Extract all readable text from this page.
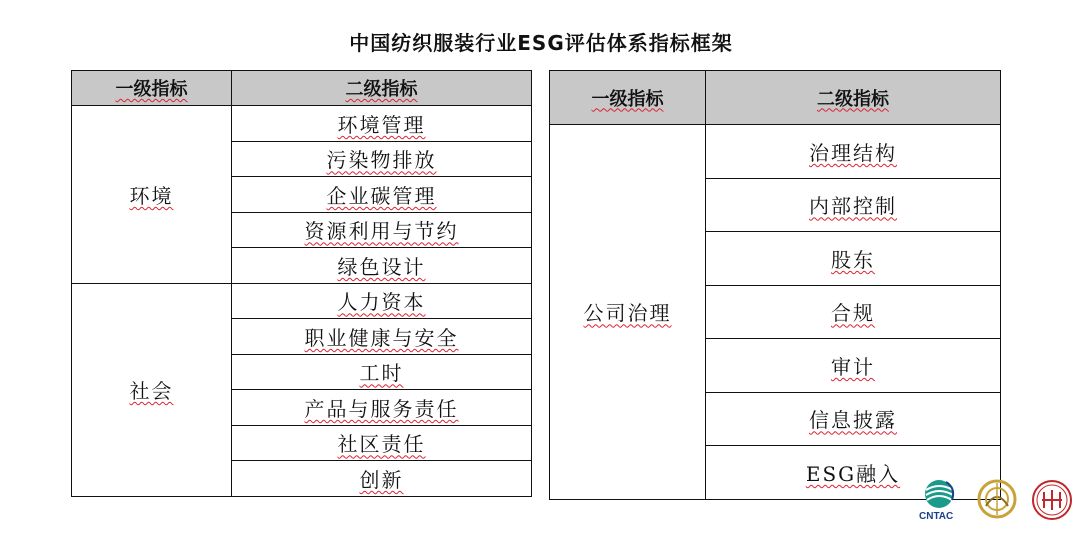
中国纺织服装行业ESG评估体系指标框架
一级指标	二级指标
环境	环境管理
	污染物排放
	企业碳管理
	资源利用与节约
	绿色设计
社会	人力资本
	职业健康与安全
	工时
	产品与服务责任
	社区责任
	创新
一级指标	二级指标
公司治理	治理结构
	内部控制
	股东
	合规
	审计
	信息披露
	ESG融入
CNTAC
